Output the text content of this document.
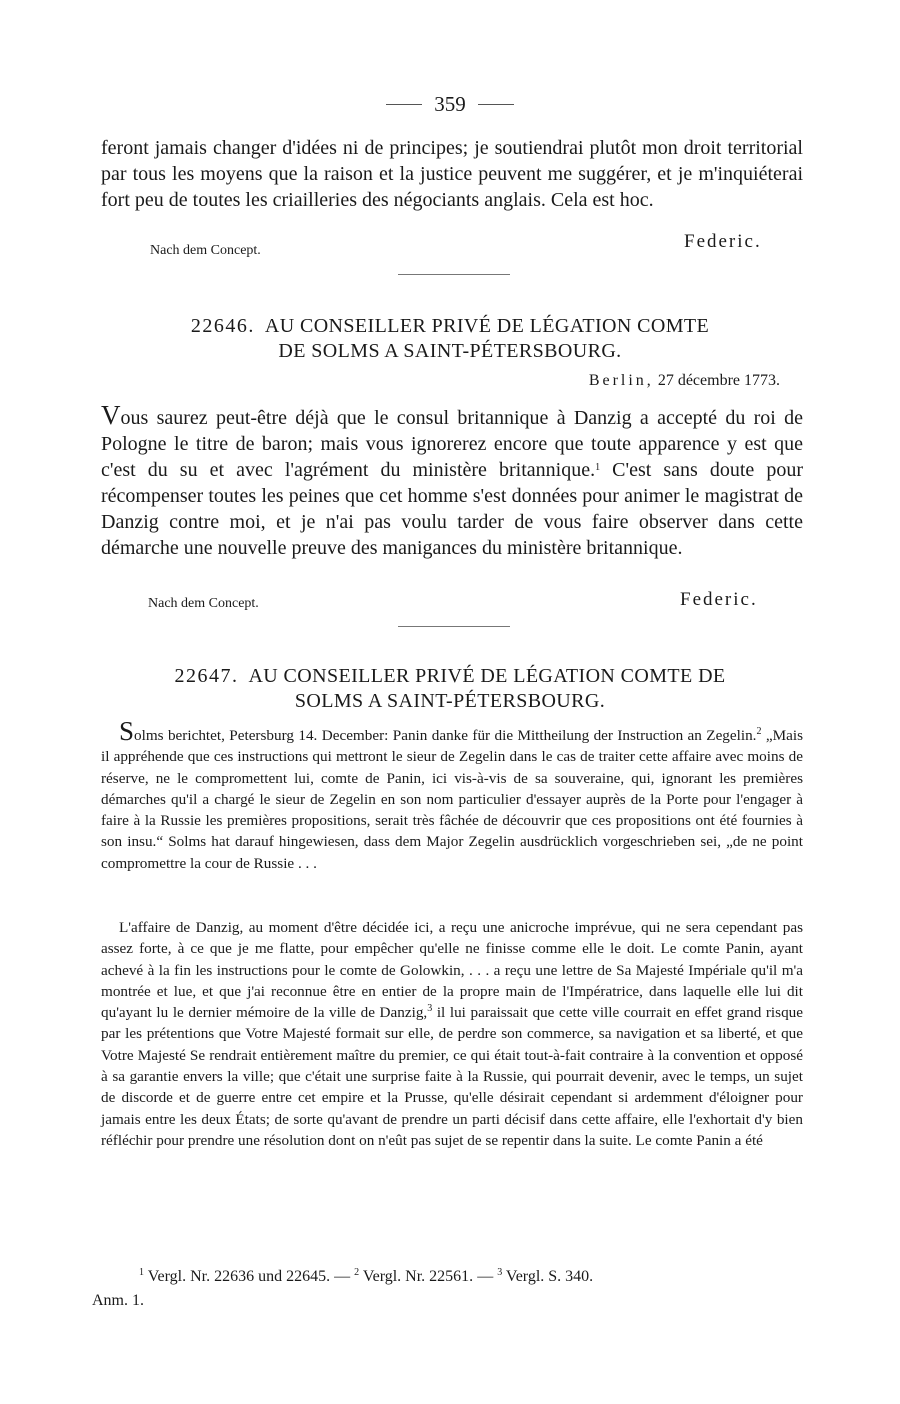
359

feront jamais changer d'idées ni de principes; je soutiendrai plutôt mon droit territorial par tous les moyens que la raison et la justice peuvent me suggérer, et je m'inquiéterai fort peu de toutes les criailleries des négociants anglais. Cela est hoc.

Nach dem Concept.	Federic.
22646. AU CONSEILLER PRIVÉ DE LÉGATION COMTE
DE SOLMS A SAINT-PÉTERSBOURG.
Berlin, 27 décembre 1773.

Vous saurez peut-être déjà que le consul britannique à Danzig a accepté du roi de Pologne le titre de baron; mais vous ignorerez encore que toute apparence y est que c'est du su et avec l'agrément du ministère britannique.$^1$ C'est sans doute pour récompenser toutes les peines que cet homme s'est données pour animer le magistrat de Danzig contre moi, et je n'ai pas voulu tarder de vous faire observer dans cette démarche une nouvelle preuve des manigances du ministère britannique.

Nach dem Concept.	Federic.
22647. AU CONSEILLER PRIVÉ DE LÉGATION COMTE DE
SOLMS A SAINT-PÉTERSBOURG.

Solms berichtet, Petersburg 14. December: Panin danke für die Mittheilung der Instruction an Zegelin.$^2$ „Mais il appréhende que ces instructions qui mettront le sieur de Zegelin dans le cas de traiter cette affaire avec moins de réserve, ne le compromettent lui, comte de Panin, ici vis-à-vis de sa souveraine, qui, ignorant les premières démarches qu'il a chargé le sieur de Zegelin en son nom particulier d'essayer auprès de la Porte pour l'engager à faire à la Russie les premières propositions, serait très fâchée de découvrir que ces propositions ont été fournies à son insu.“ Solms hat darauf hingewiesen, dass dem Major Zegelin ausdrücklich vorgeschrieben sei, „de ne point compromettre la cour de Russie . . .

L'affaire de Danzig, au moment d'être décidée ici, a reçu une anicroche imprévue, qui ne sera cependant pas assez forte, à ce que je me flatte, pour empêcher qu'elle ne finisse comme elle le doit. Le comte Panin, ayant achevé à la fin les instructions pour le comte de Golowkin, . . . a reçu une lettre de Sa Majesté Impériale qu'il m'a montrée et lue, et que j'ai reconnue être en entier de la propre main de l'Impératrice, dans laquelle elle lui dit qu'ayant lu le dernier mémoire de la ville de Danzig,$^3$ il lui paraissait que cette ville courrait en effet grand risque par les prétentions que Votre Majesté formait sur elle, de perdre son commerce, sa navigation et sa liberté, et que Votre Majesté Se rendrait entièrement maître du premier, ce qui était tout-à-fait contraire à la convention et opposé à sa garantie envers la ville; que c'était une surprise faite à la Russie, qui pourrait devenir, avec le temps, un sujet de discorde et de guerre entre cet empire et la Prusse, qu'elle désirait cependant si ardemment d'éloigner pour jamais entre les deux États; de sorte qu'avant de prendre un parti décisif dans cette affaire, elle l'exhortait d'y bien réfléchir pour prendre une résolution dont on n'eût pas sujet de se repentir dans la suite. Le comte Panin a été

$^1$ Vergl. Nr. 22636 und 22645. — $^2$ Vergl. Nr. 22561. — $^3$ Vergl. S. 340.
Anm. 1.
